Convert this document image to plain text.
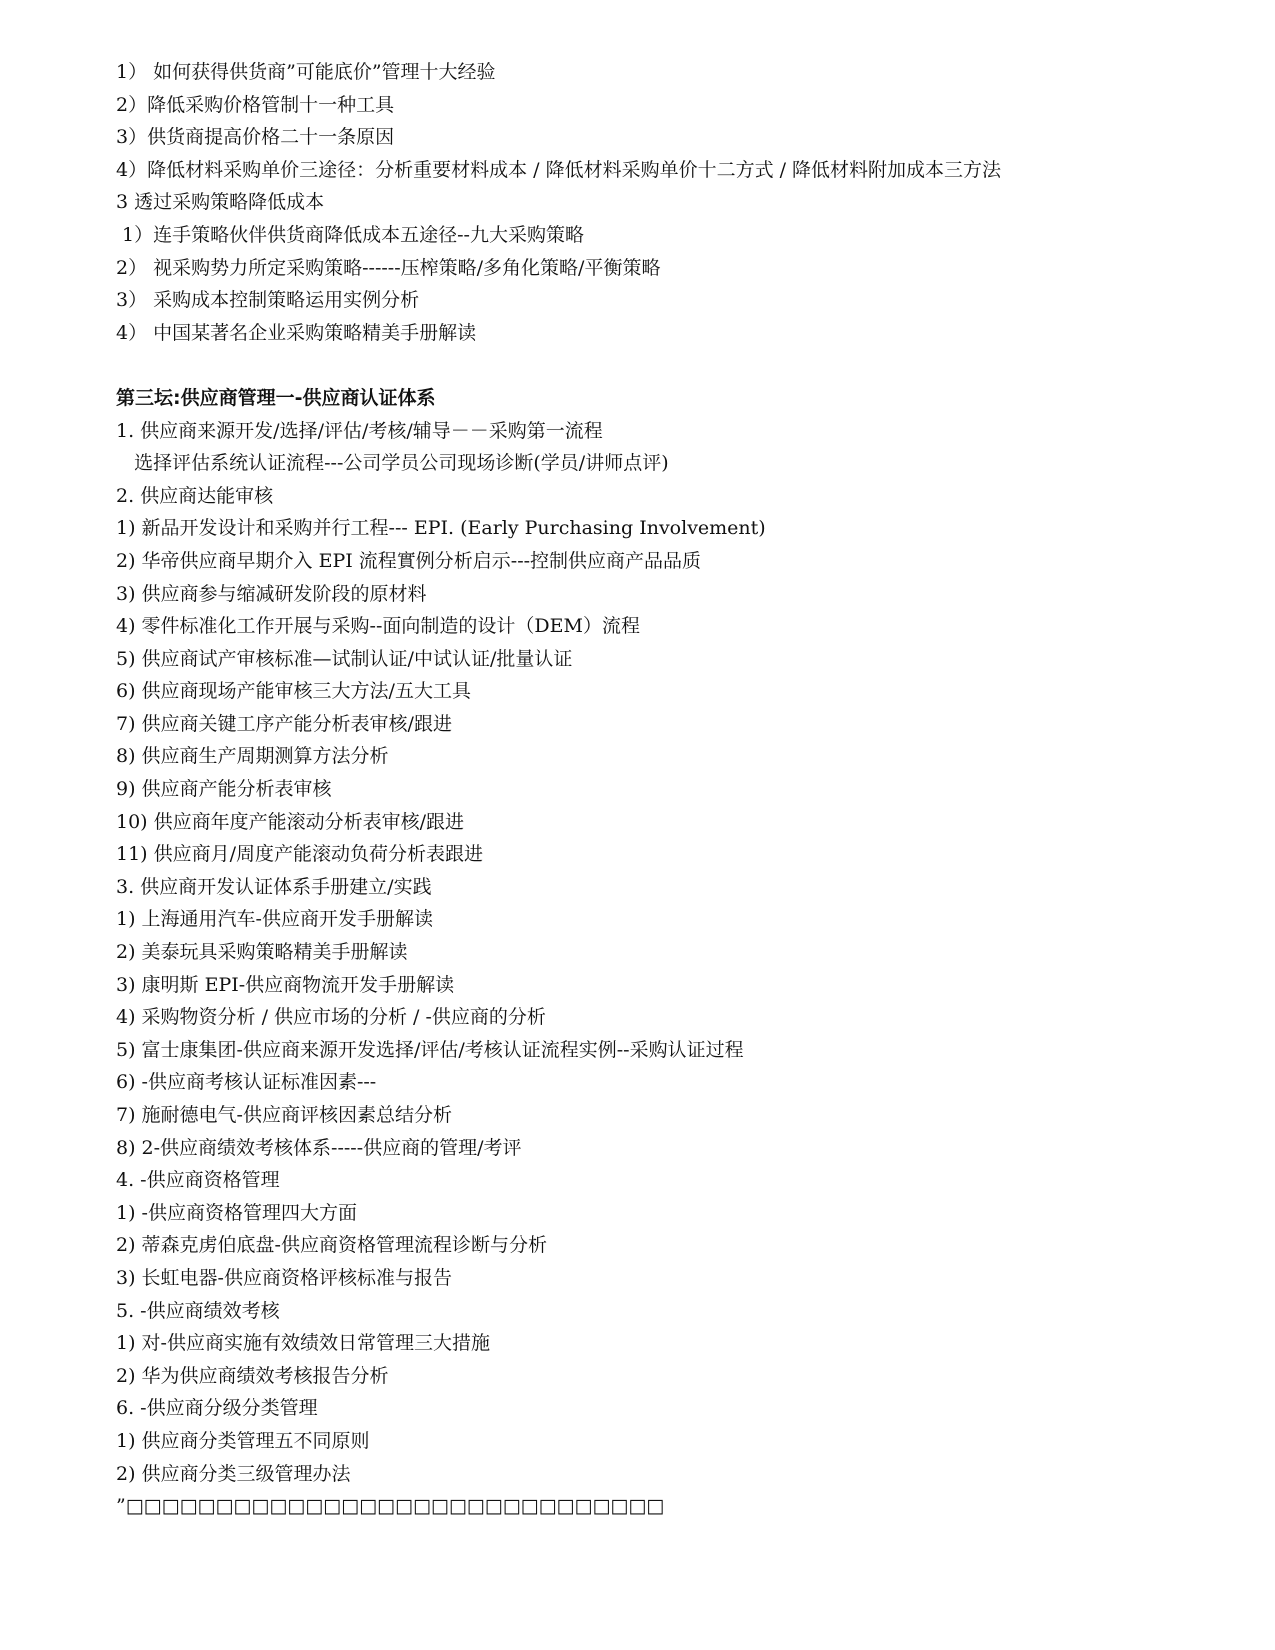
1） 如何获得供货商”可能底价”管理十大经验
2）降低采购价格管制十一种工具
3）供货商提高价格二十一条原因
4）降低材料采购单价三途径：分析重要材料成本 / 降低材料采购单价十二方式 / 降低材料附加成本三方法
3 透过采购策略降低成本
1）连手策略伙伴供货商降低成本五途径--九大采购策略
2） 视采购势力所定采购策略------压榨策略/多角化策略/平衡策略
3） 采购成本控制策略运用实例分析
4） 中国某著名企业采购策略精美手册解读
第三坛:供应商管理一-供应商认证体系
1. 供应商来源开发/选择/评估/考核/辅导－－采购第一流程
选择评估系统认证流程---公司学员公司现场诊断(学员/讲师点评)
2. 供应商达能审核
1) 新品开发设计和采购并行工程--- EPI. (Early Purchasing Involvement)
2) 华帝供应商早期介入 EPI 流程實例分析启示---控制供应商产品品质
3) 供应商参与缩减研发阶段的原材料
4) 零件标准化工作开展与采购--面向制造的设计（DEM）流程
5) 供应商试产审核标准—试制认证/中试认证/批量认证
6) 供应商现场产能审核三大方法/五大工具
7) 供应商关键工序产能分析表审核/跟进
8) 供应商生产周期测算方法分析
9) 供应商产能分析表审核
10) 供应商年度产能滚动分析表审核/跟进
11) 供应商月/周度产能滚动负荷分析表跟进
3. 供应商开发认证体系手册建立/实践
1) 上海通用汽车-供应商开发手册解读
2) 美泰玩具采购策略精美手册解读
3) 康明斯 EPI-供应商物流开发手册解读
4) 采购物资分析 / 供应市场的分析 / -供应商的分析
5) 富士康集团-供应商来源开发选择/评估/考核认证流程实例--采购认证过程
6) -供应商考核认证标准因素---
7) 施耐德电气-供应商评核因素总结分析
8) 2-供应商绩效考核体系-----供应商的管理/考评
4. -供应商资格管理
1) -供应商资格管理四大方面
2) 蒂森克虏伯底盘-供应商资格管理流程诊断与分析
3) 长虹电器-供应商资格评核标准与报告
5. -供应商绩效考核
1) 对-供应商实施有效绩效日常管理三大措施
2) 华为供应商绩效考核报告分析
6. -供应商分级分类管理
1) 供应商分类管理五不同原则
2) 供应商分类三级管理办法
”□□□□□□□□□□□□□□□□□□□□□□□□□□□□□□
